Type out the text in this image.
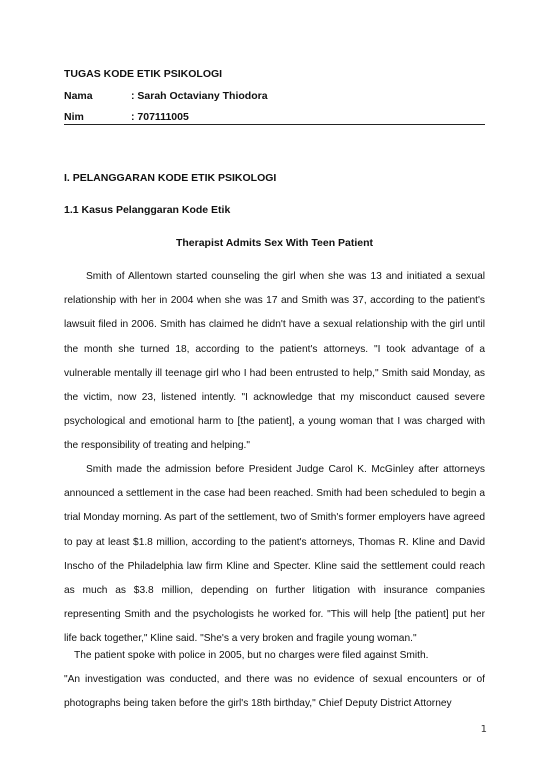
TUGAS KODE ETIK PSIKOLOGI
Nama	: Sarah Octaviany Thiodora
Nim	: 707111005
I. PELANGGARAN KODE ETIK PSIKOLOGI
1.1 Kasus Pelanggaran Kode Etik
Therapist Admits Sex With Teen Patient

Smith of Allentown started counseling the girl when she was 13 and initiated a sexual relationship with her in 2004 when she was 17 and Smith was 37, according to the patient's lawsuit filed in 2006. Smith has claimed he didn't have a sexual relationship with the girl until the month she turned 18, according to the patient's attorneys. "I took advantage of a vulnerable mentally ill teenage girl who I had been entrusted to help," Smith said Monday, as the victim, now 23, listened intently. "I acknowledge that my misconduct caused severe psychological and emotional harm to [the patient], a young woman that I was charged with the responsibility of treating and helping."

Smith made the admission before President Judge Carol K. McGinley after attorneys announced a settlement in the case had been reached. Smith had been scheduled to begin a trial Monday morning. As part of the settlement, two of Smith's former employers have agreed to pay at least $1.8 million, according to the patient's attorneys, Thomas R. Kline and David Inscho of the Philadelphia law firm Kline and Specter. Kline said the settlement could reach as much as $3.8 million, depending on further litigation with insurance companies representing Smith and the psychologists he worked for. "This will help [the patient] put her life back together," Kline said. "She's a very broken and fragile young woman."

The patient spoke with police in 2005, but no charges were filed against Smith.

"An investigation was conducted, and there was no evidence of sexual encounters or of photographs being taken before the girl's 18th birthday," Chief Deputy District Attorney

1
